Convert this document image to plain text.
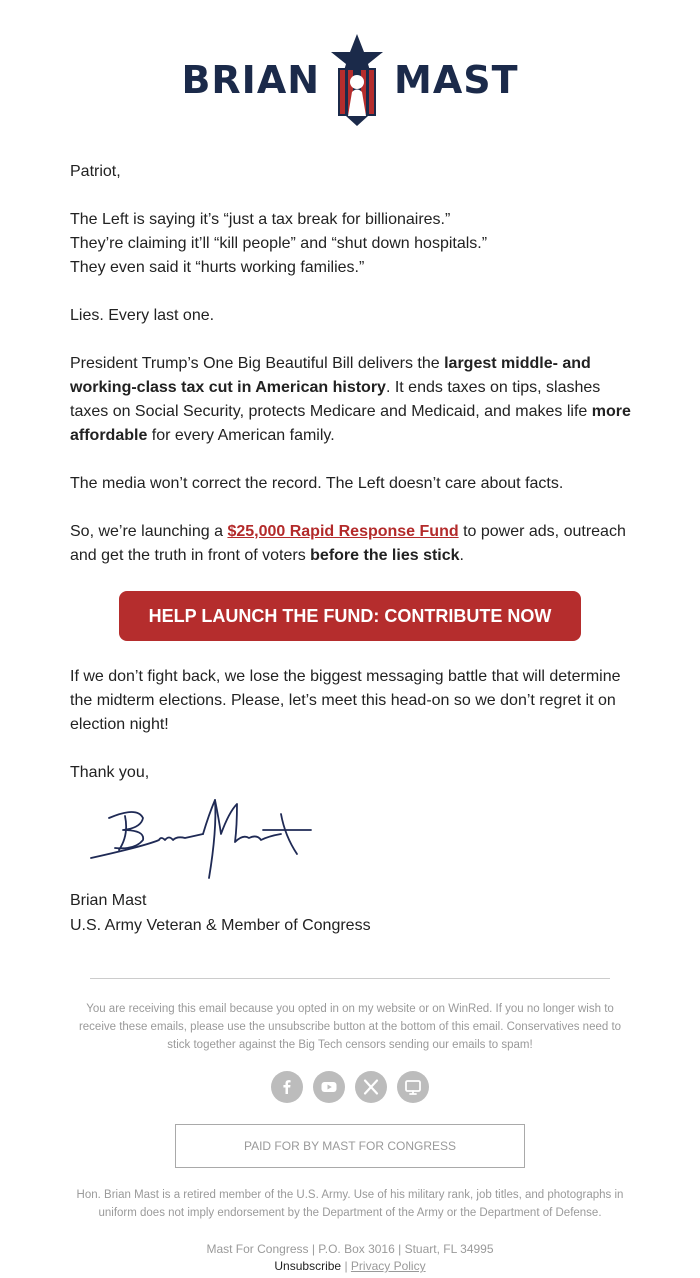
BRIAN MAST

Patriot,

The Left is saying it’s “just a tax break for billionaires.”
They’re claiming it’ll “kill people” and “shut down hospitals.”
They even said it “hurts working families.”

Lies. Every last one.

President Trump’s One Big Beautiful Bill delivers the largest middle- and working-class tax cut in American history. It ends taxes on tips, slashes taxes on Social Security, protects Medicare and Medicaid, and makes life more affordable for every American family.

The media won’t correct the record. The Left doesn’t care about facts.

So, we’re launching a $25,000 Rapid Response Fund to power ads, outreach and get the truth in front of voters before the lies stick.

HELP LAUNCH THE FUND: CONTRIBUTE NOW

If we don’t fight back, we lose the biggest messaging battle that will determine the midterm elections. Please, let’s meet this head-on so we don’t regret it on election night!

Thank you,

Brian Mast
U.S. Army Veteran & Member of Congress
You are receiving this email because you opted in on my website or on WinRed. If you no longer wish to receive these emails, please use the unsubscribe button at the bottom of this email. Conservatives need to stick together against the Big Tech censors sending our emails to spam!
PAID FOR BY MAST FOR CONGRESS
Hon. Brian Mast is a retired member of the U.S. Army. Use of his military rank, job titles, and photographs in uniform does not imply endorsement by the Department of the Army or the Department of Defense.
Mast For Congress | P.O. Box 3016 | Stuart, FL 34995
Unsubscribe | Privacy Policy
